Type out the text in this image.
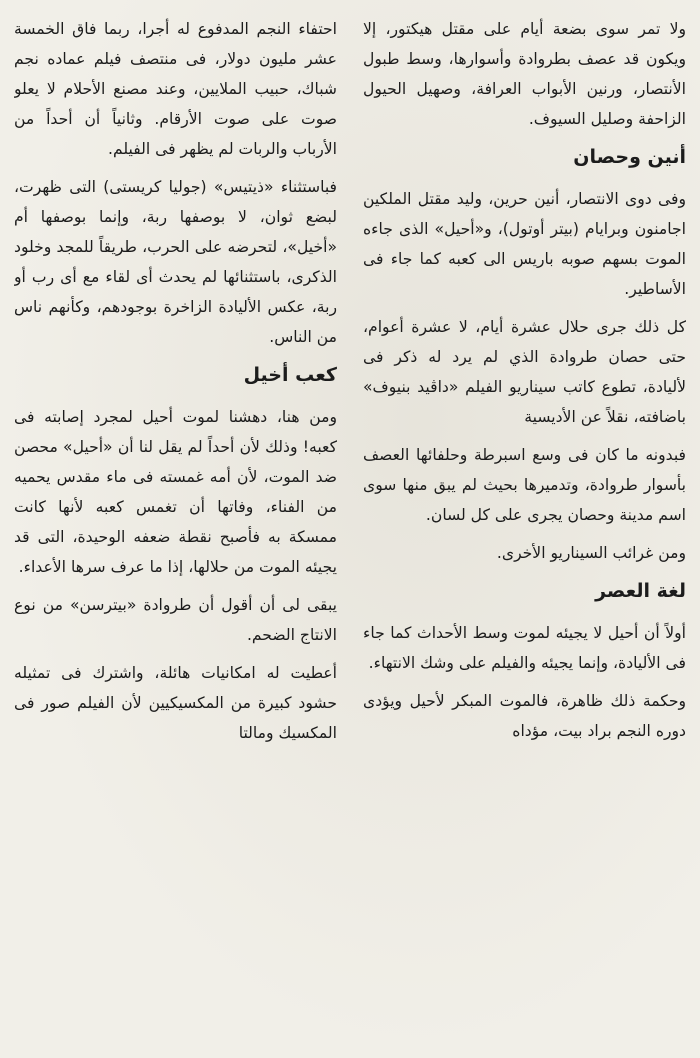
ولا تمر سوى بضعة أيام على مقتل هيكتور، إلا ويكون قد عصف بطروادة وأسوارها، وسط طبول الأنتصار، ورنين الأبواب العرافة، وصهيل الحيول الزاحفة وصليل السيوف.

أنين وحصان

وفى دوى الانتصار، أنين حرين، وليد مقتل الملكين اجامنون وبرايام (بيتر أوتول)، و«أحيل» الذى جاءه الموت بسهم صوبه باريس الى كعبه كما جاء فى الأساطير.

كل ذلك جرى حلال عشرة أيام، لا عشرة أعوام، حتى حصان طروادة الذي لم يرد له ذكر فى لأليادة، تطوع كاتب سيناريو الفيلم «داڤيد بنيوف» باضافته، نقلاً عن الأديسية

فبدونه ما كان فى وسع اسبرطة وحلفائها العصف بأسوار طروادة، وتدميرها بحيث لم يبق منها سوى اسم مدينة وحصان يجرى على كل لسان.

ومن غرائب السيناريو الأخرى.

لغة العصر

أولاً أن أحيل لا يجيئه لموت وسط الأحداث كما جاء فى الأليادة، وإنما يجيئه والفيلم على وشك الانتهاء.

وحكمة ذلك ظاهرة، فالموت المبكر لأحيل ويؤدى دوره النجم براد بيت، مؤداه

احتفاء النجم المدفوع له أجرا، ربما فاق الخمسة عشر مليون دولار، فى منتصف فيلم عماده نجم شباك، حبيب الملايين، وعند مصنع الأحلام لا يعلو صوت على صوت الأرقام. وثانياً أن أحداً من الأرباب والربات لم يظهر فى الفيلم.

فباستثناء «ذيتيس» (جوليا كريستى) التى ظهرت، لبضع ثوان، لا بوصفها ربة، وإنما بوصفها أم «أخيل»، لتحرضه على الحرب، طريقاً للمجد وخلود الذكرى، باستثنائها لم يحدث أى لقاء مع أى رب أو ربة، عكس الأليادة الزاخرة بوجودهم، وكأنهم ناس من الناس.

كعب أخيل

ومن هنا، دهشنا لموت أحيل لمجرد إصابته فى كعبه! وذلك لأن أحداً لم يقل لنا أن «أحيل» محصن ضد الموت، لأن أمه غمسته فى ماء مقدس يحميه من الفناء، وفاتها أن تغمس كعبه لأنها كانت ممسكة به فأصبح نقطة ضعفه الوحيدة، التى قد يجيئه الموت من حلالها، إذا ما عرف سرها الأعداء.

يبقى لى أن أقول أن طروادة «بيترسن» من نوع الانتاج الضحم.

أعطيت له امكانيات هائلة، واشترك فى تمثيله حشود كبيرة من المكسيكيين لأن الفيلم صور فى المكسيك ومالتا
